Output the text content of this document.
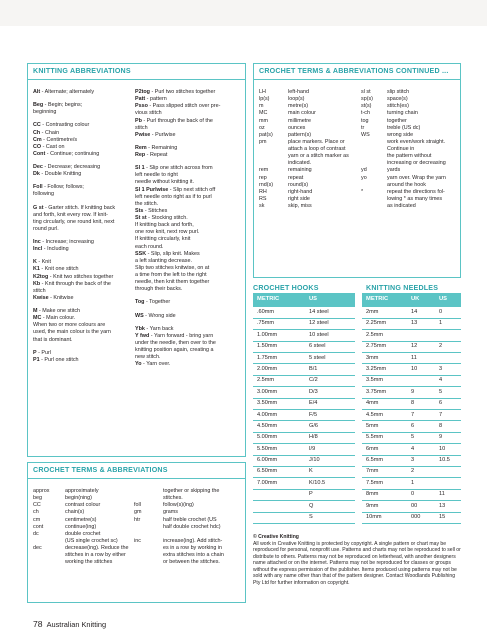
KNITTING ABBREVIATIONS
Alt - Alternate; alternately
Beg - Begin; begins;
beginning
CC - Contrasting colour
Ch - Chain
Cm - Centimetre/s
CO - Cast on
Cont - Continue; continuing
Dec - Decrease; decreasing
Dk - Double Knitting
Foll - Follow; follows;
following
G st - Garter stitch. If knitting back
and forth, knit every row. If knit-
ting circularly, one round knit, next
round purl.
Inc - Increase; increasing
Incl - Including
K - Knit
K1 - Knit one stitch
K2tog - Knit two stitches together
Kb - Knit through the back of the
stitch
Kwise - Knitwise
M - Make one stitch
MC - Main colour.
When two or more colours are
used, the main colour is the yarn
that is dominant.
P - Purl
P1 - Purl one stitch
P2tog - Purl two stitches together
Patt - pattern
Psso - Pass slipped stitch over pre-
vious stitch
Pb - Purl through the back of the
stitch
Pwise - Purlwise
Rem - Remaining
Rep - Repeat
Sl 1 - Slip one stitch across from
left needle to right
needle without knitting it.
Sl 1 Purlwise - Slip next stitch off
left needle onto right as if to purl
the stitch.
Sts - Stitches
St st - Stocking stitch.
If knitting back and forth,
one row knit, next row purl.
If knitting circularly, knit
each round.
SSK - Slip, slip knit. Makes
a left slanting decrease.
Slip two stitches knitwise, on at
a time from the left to the right
needle, then knit them together
through their backs.
Tog - Together
WS - Wrong side
Ybk - Yarn back
Y fwd - Yarn forward - bring yarn
under the needle, then over to the
knitting position again, creating a
new stitch.
Yo - Yarn over.
CROCHET TERMS & ABBREVIATIONS
approx	approximately
beg	begin(ning)
CC	contrast colour
ch	chain(s)
cm	centimetre(s)
cont	continue(ing)
dc	double crochet
(US single crochet sc)
dec	decrease(ing). Reduce the
stitches in a row by either
working the stitches
together or skipping the
stitches.
foll	follow(s)(ing)
gm	grams
htr	half treble crochet (US
half double crochet hdc)
inc	increase(ing). Add stitch-
es in a row by working in
extra stitches into a chain
or between the stitches.
CROCHET TERMS & ABBREVIATIONS CONTINUED ...
LH	left-hand
lp(s)	loop(s)
m	metre(s)
MC	main colour
mm	millimetre
oz	ounces
pat(s)	pattern(s)
pm	place markers. Place or
attach a loop of contrast
yarn or a stitch marker as
indicated.
rem	remaining
rep	repeat
rnd(s)	round(s)
RH	right-hand
RS	right side
sk	skip, miss
sl st	slip stitch
sp(s)	space(s)
st(s)	stitch(es)
t-ch	turning chain
tog	together
tr	treble (US dc)
WS	wrong side
work even/work straight.
Continue in
the pattern without
increasing or decreasing
yd	yards
yo	yarn over. Wrap the yarn
around the hook
*	repeat the directions fol-
lowing * as many times
as indicated
CROCHET HOOKS
METRIC	US
.60mm	14 steel
.75mm	12 steel
1.00mm	10 steel
1.50mm	6 steel
1.75mm	5 steel
2.00mm	B/1
2.5mm	C/2
3.00mm	D/3
3.50mm	E/4
4.00mm	F/5
4.50mm	G/6
5.00mm	H/8
5.50mm	I/9
6.00mm	J/10
6.50mm	K
7.00mm	K/10.5
	P
	Q
	S
KNITTING NEEDLES
METRIC	UK	US
2mm	14	0
2.25mm	13	1
2.5mm		
2.75mm	12	2
3mm	11	
3.25mm	10	3
3.5mm		4
3.75mm	9	5
4mm	8	6
4.5mm	7	7
5mm	6	8
5.5mm	5	9
6mm	4	10
6.5mm	3	10.5
7mm	2	
7.5mm	1	
8mm	0	11
9mm	00	13
10mm	000	15
© Creative Knitting
All work in Creative Knitting is protected by copyright. A single pattern or chart may be reproduced for personal, nonprofit use. Patterns and charts may not be reproduced to sell or distribute to others. Patterns may not be reproduced on letterhead, with another designers name attached or on the internet. Patterns may not be reproduced for classes or groups without the express permission of the publisher. Items produced using patterns may not be sold with any name other than that of the pattern designer. Contact Woodlands Publishing Pty Ltd for further information on copyright.
78 Australian Knitting
